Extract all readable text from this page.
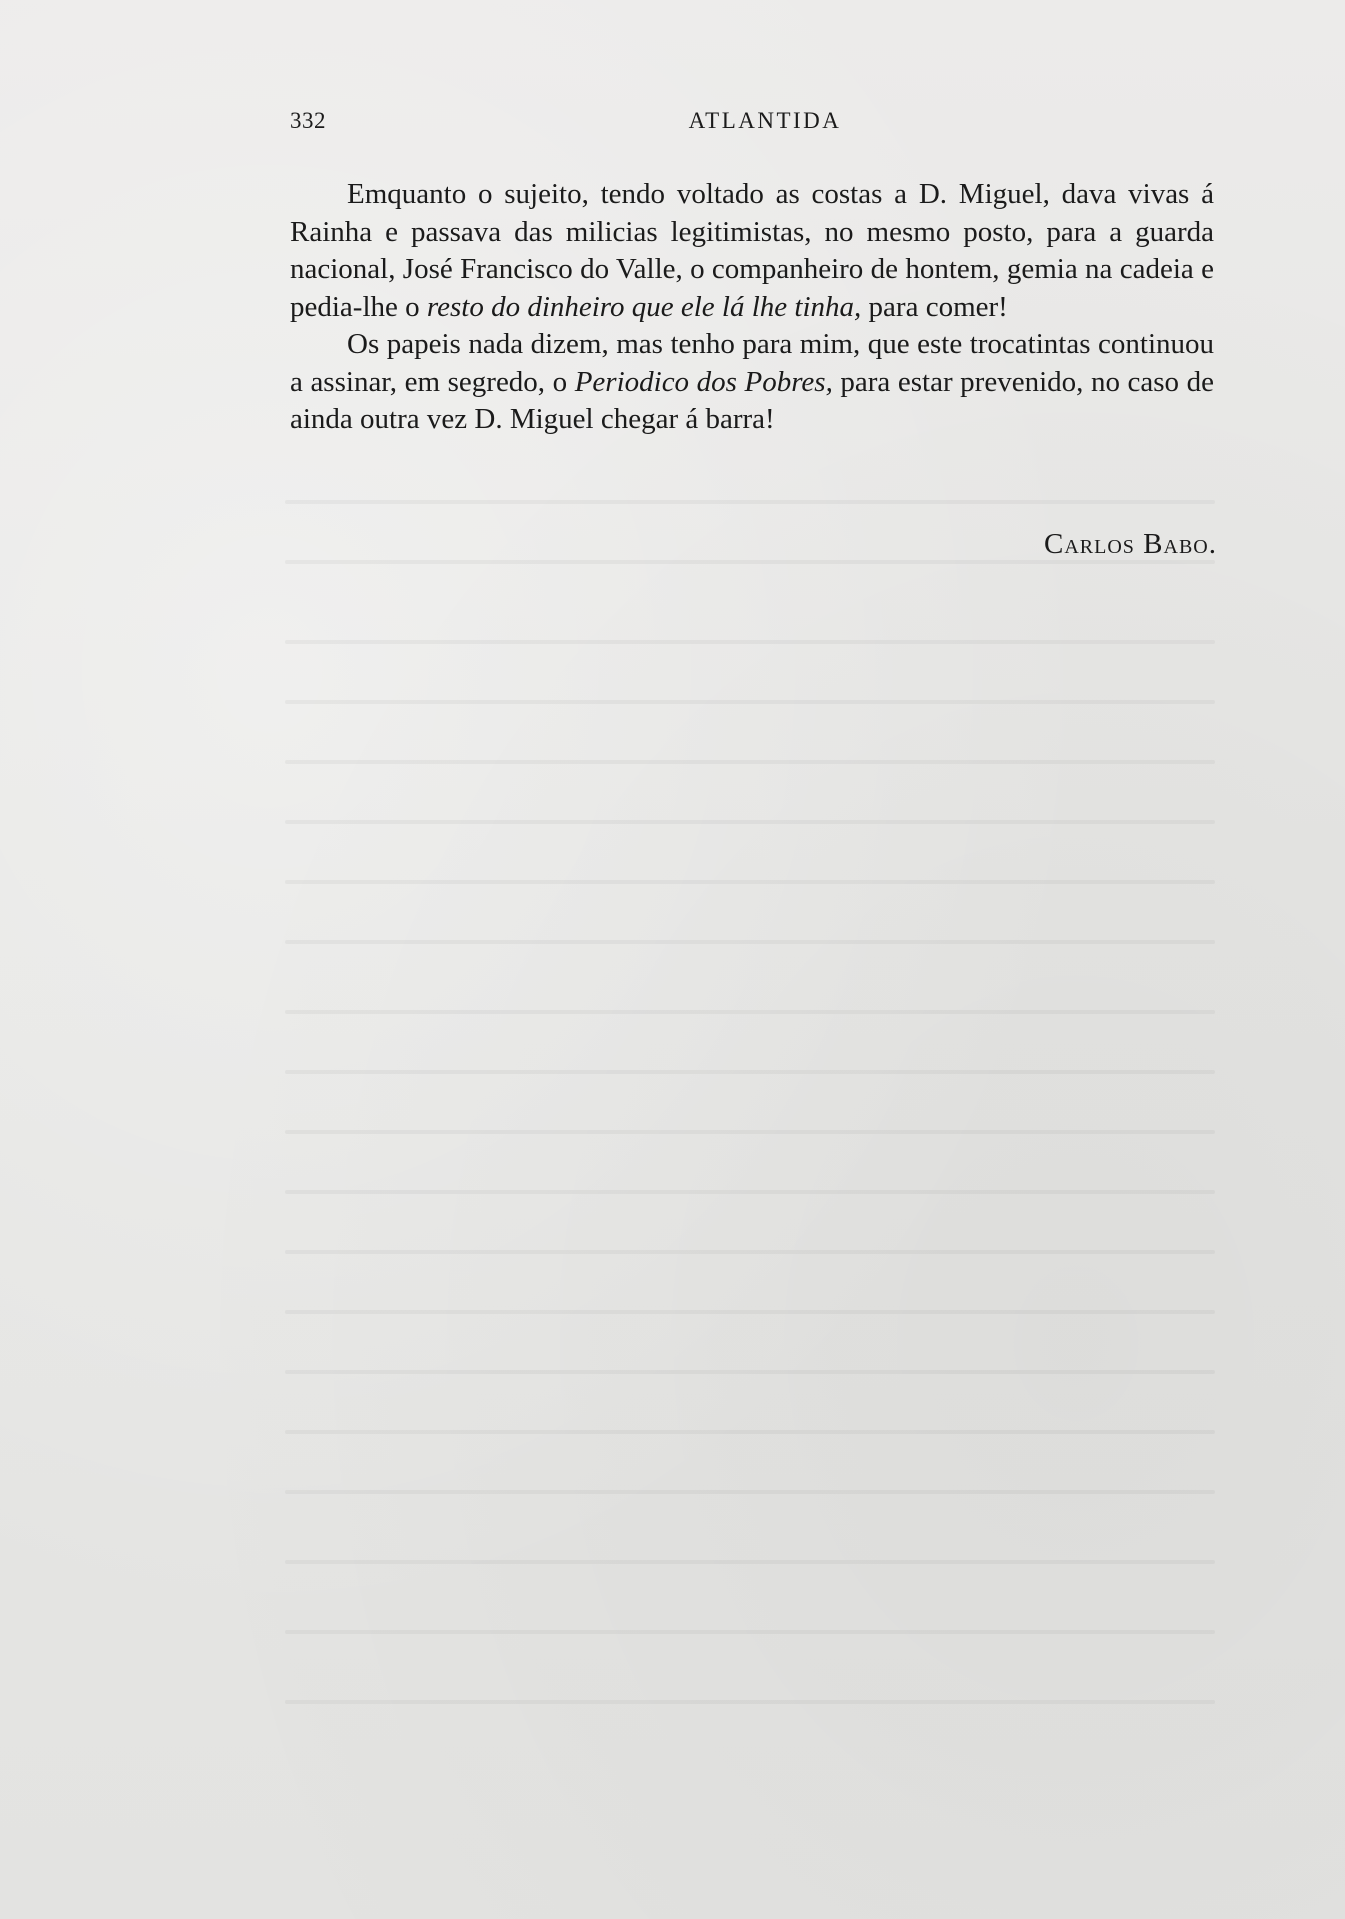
332	ATLANTIDA

Emquanto o sujeito, tendo voltado as costas a D. Miguel, dava vivas á Rainha e passava das milicias legitimistas, no mesmo posto, para a guarda nacional, José Francisco do Valle, o companheiro de hontem, gemia na cadeia e pedia-lhe o resto do dinheiro que ele lá lhe tinha, para comer!

Os papeis nada dizem, mas tenho para mim, que este trocatintas continuou a assinar, em segredo, o Periodico dos Pobres, para estar prevenido, no caso de ainda outra vez D. Miguel chegar á barra!

Carlos Babo.
